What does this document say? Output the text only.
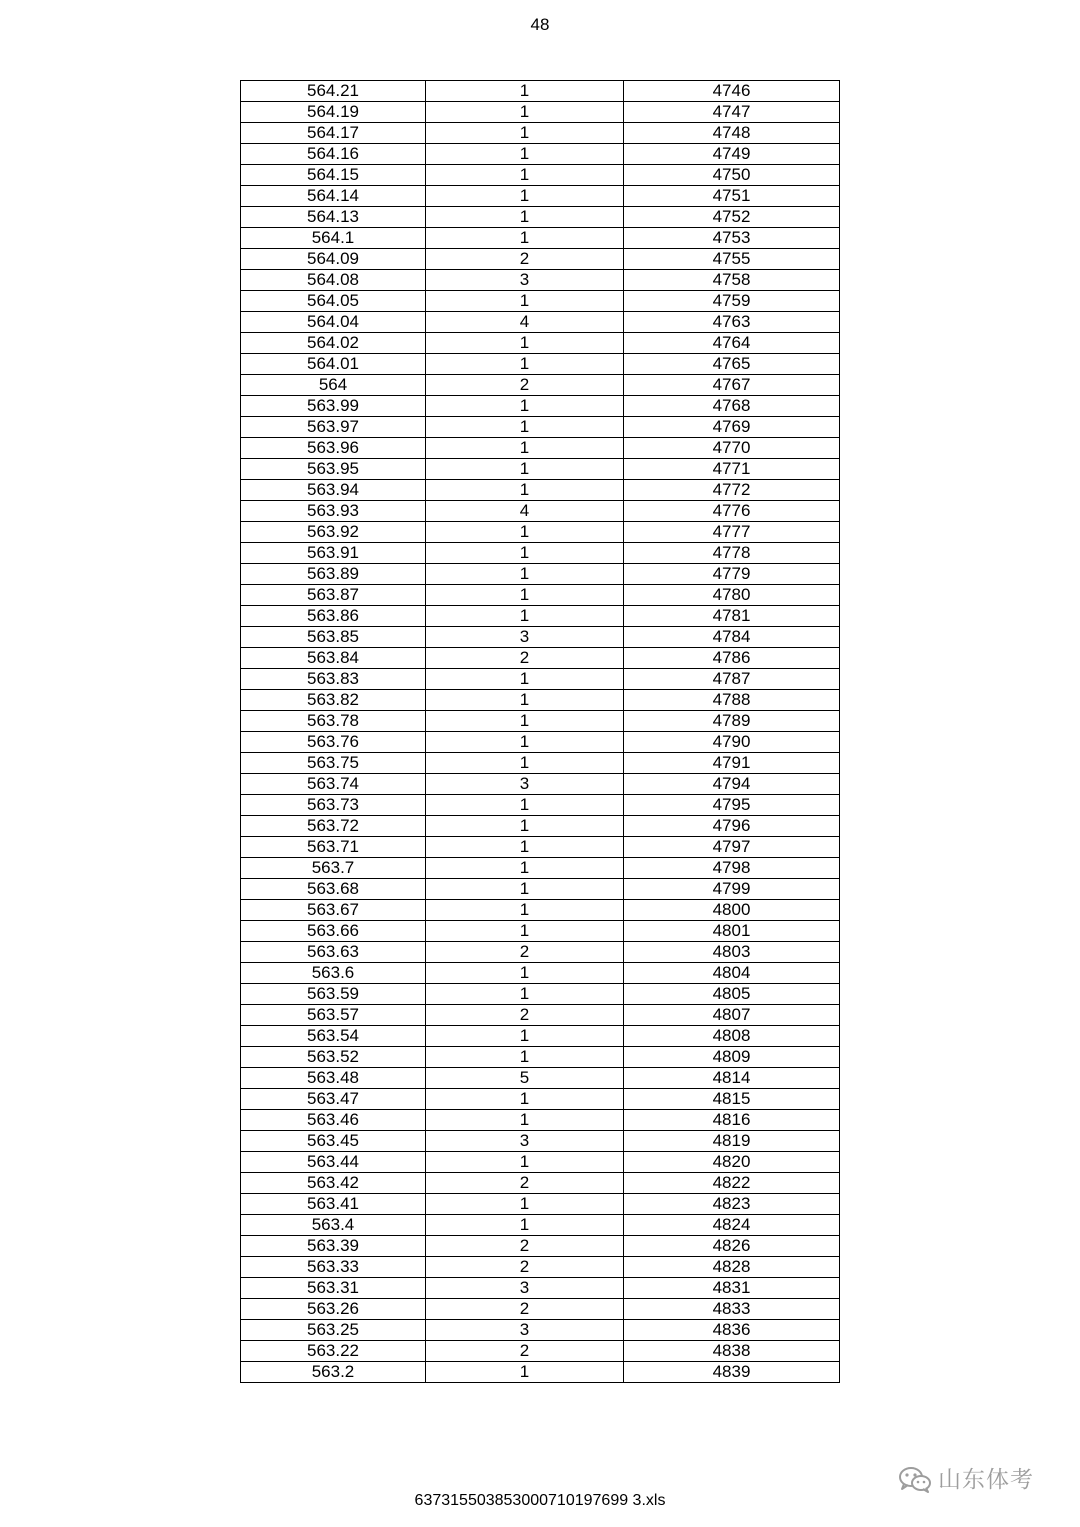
48
564.21	1	4746
564.19	1	4747
564.17	1	4748
564.16	1	4749
564.15	1	4750
564.14	1	4751
564.13	1	4752
564.1	1	4753
564.09	2	4755
564.08	3	4758
564.05	1	4759
564.04	4	4763
564.02	1	4764
564.01	1	4765
564	2	4767
563.99	1	4768
563.97	1	4769
563.96	1	4770
563.95	1	4771
563.94	1	4772
563.93	4	4776
563.92	1	4777
563.91	1	4778
563.89	1	4779
563.87	1	4780
563.86	1	4781
563.85	3	4784
563.84	2	4786
563.83	1	4787
563.82	1	4788
563.78	1	4789
563.76	1	4790
563.75	1	4791
563.74	3	4794
563.73	1	4795
563.72	1	4796
563.71	1	4797
563.7	1	4798
563.68	1	4799
563.67	1	4800
563.66	1	4801
563.63	2	4803
563.6	1	4804
563.59	1	4805
563.57	2	4807
563.54	1	4808
563.52	1	4809
563.48	5	4814
563.47	1	4815
563.46	1	4816
563.45	3	4819
563.44	1	4820
563.42	2	4822
563.41	1	4823
563.4	1	4824
563.39	2	4826
563.33	2	4828
563.31	3	4831
563.26	2	4833
563.25	3	4836
563.22	2	4838
563.2	1	4839
637315503853000710197699 3.xls
山东体考
